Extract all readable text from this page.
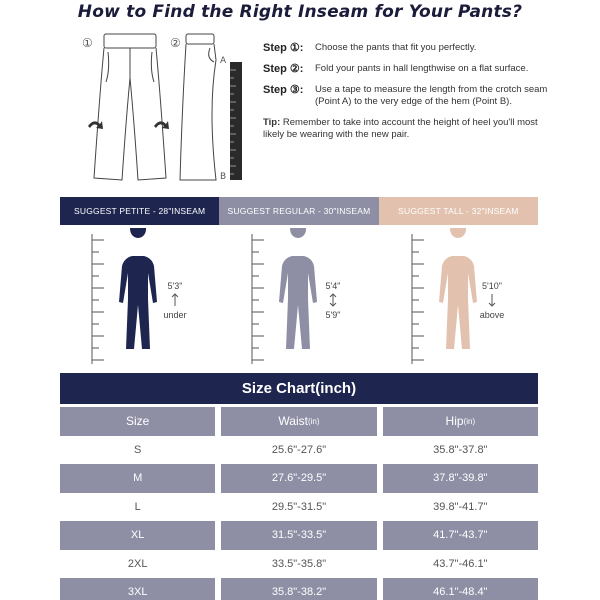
How to Find the Right Inseam for Your Pants?
①	②
A
B
Step ①:	Choose the pants that fit you perfectly.
Step ②:	Fold your pants in hall lengthwise on a flat surface.
Step ③:	Use a tape to measure the length from the crotch seam (Point A) to the very edge of the hem (Point B).
Tip: Remember to take into account the height of heel you'll most likely be wearing with the new pair.
SUGGEST PETITE - 28"INSEAM	SUGGEST REGULAR - 30"INSEAM	SUGGEST TALL - 32"INSEAM
5'3"
under
5'4"
5'9"
5'10"
above
Size Chart(inch)
Size	Waist (in)	Hip (in)
S	25.6"-27.6"	35.8"-37.8"
M	27.6"-29.5"	37.8"-39.8"
L	29.5"-31.5"	39.8"-41.7"
XL	31.5"-33.5"	41.7"-43.7"
2XL	33.5"-35.8"	43.7"-46.1"
3XL	35.8"-38.2"	46.1"-48.4"
